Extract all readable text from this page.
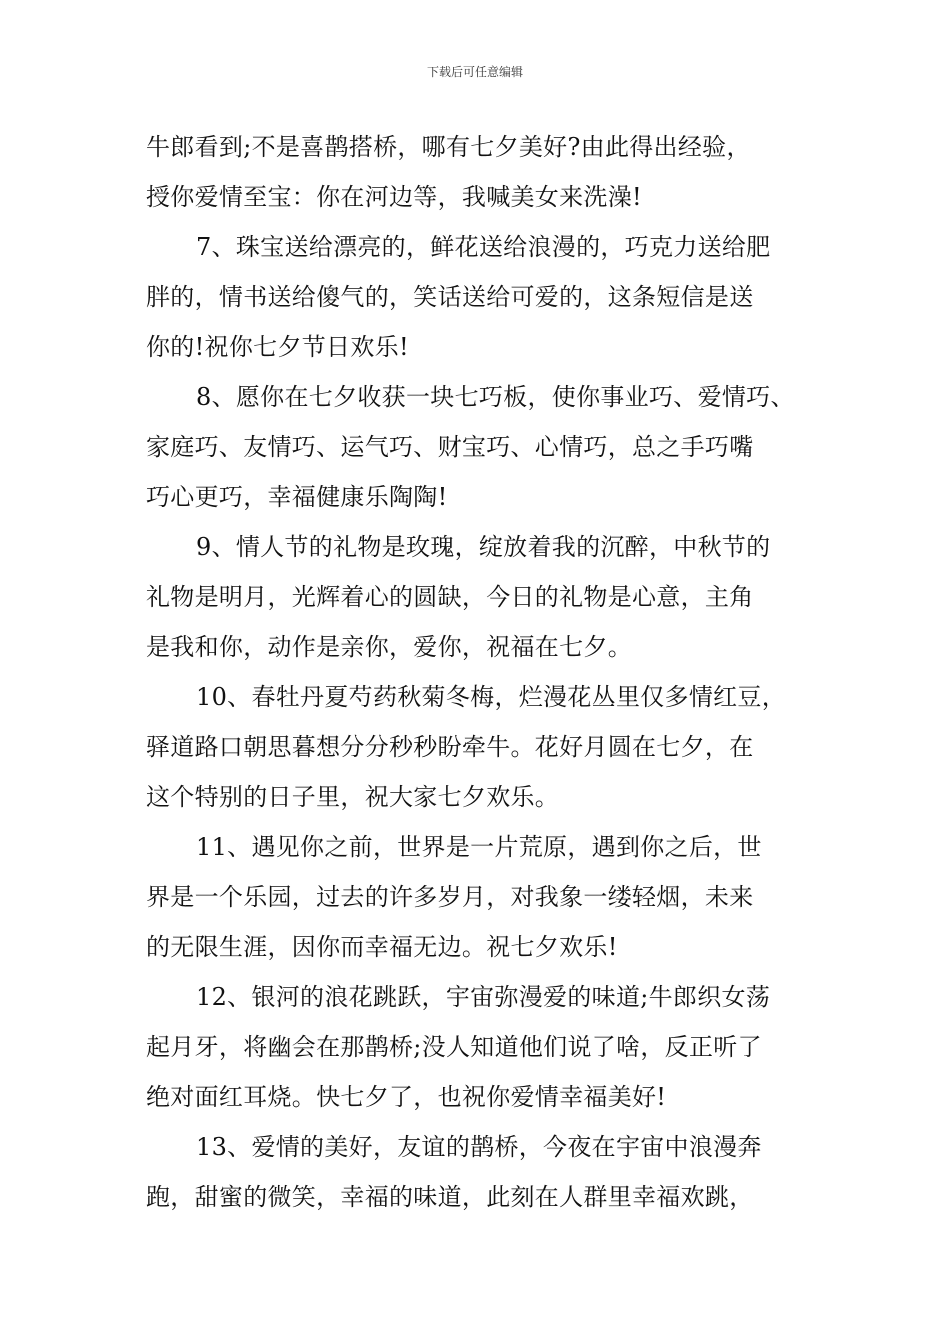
下载后可任意编辑
牛郎看到;不是喜鹊搭桥，哪有七夕美好?由此得出经验，
授你爱情至宝：你在河边等，我喊美女来洗澡!
7、珠宝送给漂亮的，鲜花送给浪漫的，巧克力送给肥
胖的，情书送给傻气的，笑话送给可爱的，这条短信是送
你的!祝你七夕节日欢乐!
8、愿你在七夕收获一块七巧板，使你事业巧、爱情巧、
家庭巧、友情巧、运气巧、财宝巧、心情巧，总之手巧嘴
巧心更巧，幸福健康乐陶陶!
9、情人节的礼物是玫瑰，绽放着我的沉醉，中秋节的
礼物是明月，光辉着心的圆缺，今日的礼物是心意，主角
是我和你，动作是亲你，爱你，祝福在七夕。
10、春牡丹夏芍药秋菊冬梅，烂漫花丛里仅多情红豆，
驿道路口朝思暮想分分秒秒盼牵牛。花好月圆在七夕，在
这个特别的日子里，祝大家七夕欢乐。
11、遇见你之前，世界是一片荒原，遇到你之后，世
界是一个乐园，过去的许多岁月，对我象一缕轻烟，未来
的无限生涯，因你而幸福无边。祝七夕欢乐!
12、银河的浪花跳跃，宇宙弥漫爱的味道;牛郎织女荡
起月牙，将幽会在那鹊桥;没人知道他们说了啥，反正听了
绝对面红耳烧。快七夕了，也祝你爱情幸福美好!
13、爱情的美好，友谊的鹊桥，今夜在宇宙中浪漫奔
跑，甜蜜的微笑，幸福的味道，此刻在人群里幸福欢跳，
